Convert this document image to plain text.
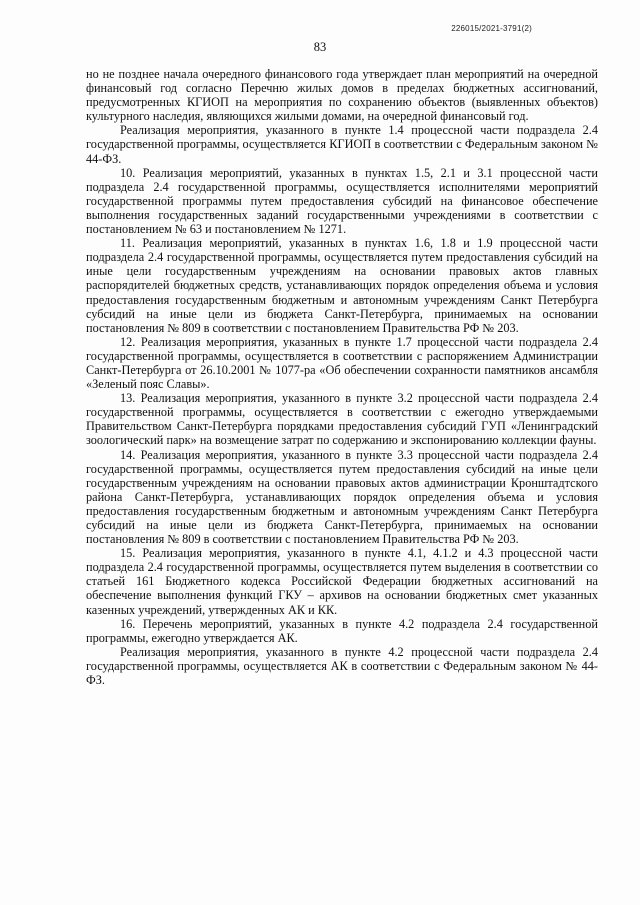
226015/2021-3791(2)
83

но не позднее начала очередного финансового года утверждает план мероприятий на очередной финансовый год согласно Перечню жилых домов в пределах бюджетных ассигнований, предусмотренных КГИОП на мероприятия по сохранению объектов (выявленных объектов) культурного наследия, являющихся жилыми домами, на очередной финансовый год.

Реализация мероприятия, указанного в пункте 1.4 процессной части подраздела 2.4 государственной программы, осуществляется КГИОП в соответствии с Федеральным законом № 44-ФЗ.

10. Реализация мероприятий, указанных в пунктах 1.5, 2.1 и 3.1 процессной части подраздела 2.4 государственной программы, осуществляется исполнителями мероприятий государственной программы путем предоставления субсидий на финансовое обеспечение выполнения государственных заданий государственными учреждениями в соответствии с постановлением № 63 и постановлением № 1271.

11. Реализация мероприятий, указанных в пунктах 1.6, 1.8 и 1.9 процессной части подраздела 2.4 государственной программы, осуществляется путем предоставления субсидий на иные цели государственным учреждениям на основании правовых актов главных распорядителей бюджетных средств, устанавливающих порядок определения объема и условия предоставления государственным бюджетным и автономным учреждениям Санкт Петербурга субсидий на иные цели из бюджета Санкт-Петербурга, принимаемых на основании постановления № 809 в соответствии с постановлением Правительства РФ № 203.

12. Реализация мероприятия, указанных в пункте 1.7 процессной части подраздела 2.4 государственной программы, осуществляется в соответствии с распоряжением Администрации Санкт-Петербурга от 26.10.2001 № 1077-ра «Об обеспечении сохранности памятников ансамбля «Зеленый пояс Славы».

13. Реализация мероприятия, указанного в пункте 3.2 процессной части подраздела 2.4 государственной программы, осуществляется в соответствии с ежегодно утверждаемыми Правительством Санкт-Петербурга порядками предоставления субсидий ГУП «Ленинградский зоологический парк» на возмещение затрат по содержанию и экспонированию коллекции фауны.

14. Реализация мероприятия, указанного в пункте 3.3 процессной части подраздела 2.4 государственной программы, осуществляется путем предоставления субсидий на иные цели государственным учреждениям на основании правовых актов администрации Кронштадтского района Санкт-Петербурга, устанавливающих порядок определения объема и условия предоставления государственным бюджетным и автономным учреждениям Санкт Петербурга субсидий на иные цели из бюджета Санкт-Петербурга, принимаемых на основании постановления № 809 в соответствии с постановлением Правительства РФ № 203.

15. Реализация мероприятия, указанного в пункте 4.1, 4.1.2 и 4.3 процессной части подраздела 2.4 государственной программы, осуществляется путем выделения в соответствии со статьей 161 Бюджетного кодекса Российской Федерации бюджетных ассигнований на обеспечение выполнения функций ГКУ – архивов на основании бюджетных смет указанных казенных учреждений, утвержденных АК и КК.

16. Перечень мероприятий, указанных в пункте 4.2 подраздела 2.4 государственной программы, ежегодно утверждается АК.

Реализация мероприятия, указанного в пункте 4.2 процессной части подраздела 2.4 государственной программы, осуществляется АК в соответствии с Федеральным законом № 44-ФЗ.
